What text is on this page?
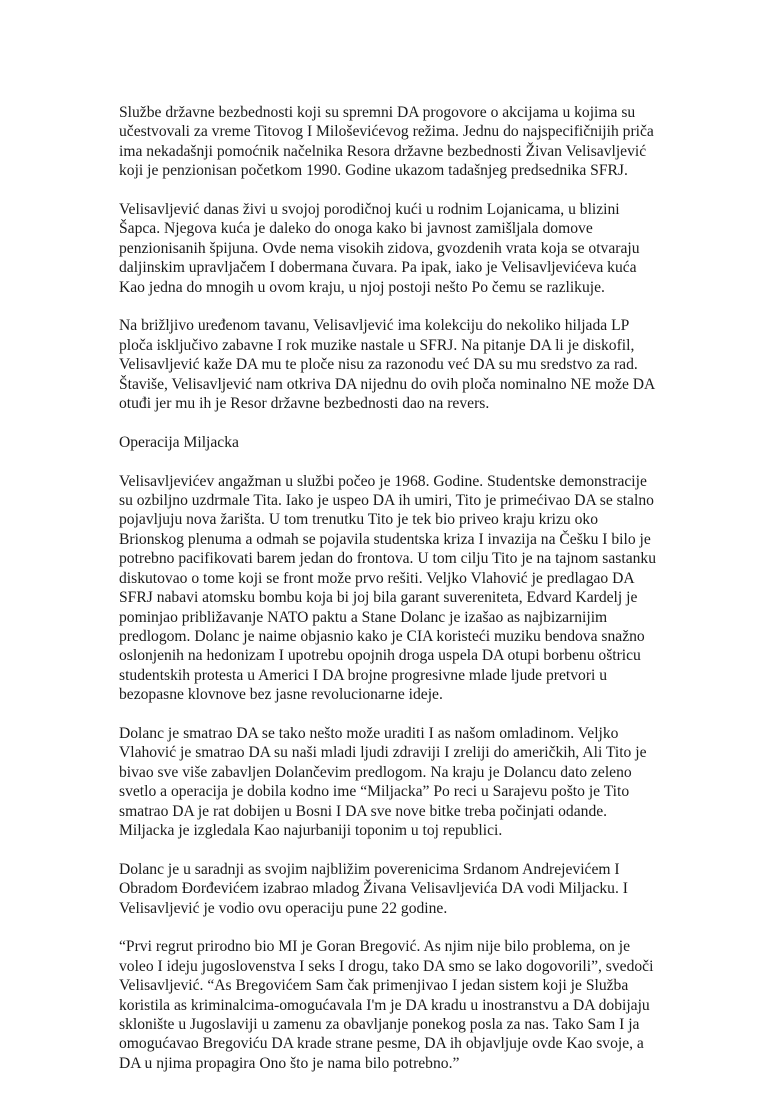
Službe državne bezbednosti koji su spremni DA progovore o akcijama u kojima su učestvovali za vreme Titovog I Miloševićevog režima. Jednu do najspecifičnijih priča ima nekadašnji pomoćnik načelnika Resora državne bezbednosti Živan Velisavljević koji je penzionisan početkom 1990. Godine ukazom tadašnjeg predsednika SFRJ.

Velisavljević danas živi u svojoj porodičnoj kući u rodnim Lojanicama, u blizini Šapca. Njegova kuća je daleko do onoga kako bi javnost zamišljala domove penzionisanih špijuna. Ovde nema visokih zidova, gvozdenih vrata koja se otvaraju daljinskim upravljačem I dobermana čuvara. Pa ipak, iako je Velisavljevićeva kuća Kao jedna do mnogih u ovom kraju, u njoj postoji nešto Po čemu se razlikuje.

Na brižljivo uređenom tavanu, Velisavljević ima kolekciju do nekoliko hiljada LP ploča isključivo zabavne I rok muzike nastale u SFRJ. Na pitanje DA li je diskofil, Velisavljević kaže DA mu te ploče nisu za razonodu već DA su mu sredstvo za rad. Štaviše, Velisavljević nam otkriva DA nijednu do ovih ploča nominalno NE može DA otuđi jer mu ih je Resor državne bezbednosti dao na revers.

Operacija Miljacka

Velisavljevićev angažman u službi počeo je 1968. Godine. Studentske demonstracije su ozbiljno uzdrmale Tita. Iako je uspeo DA ih umiri, Tito je primećivao DA se stalno pojavljuju nova žarišta. U tom trenutku Tito je tek bio priveo kraju krizu oko Brionskog plenuma a odmah se pojavila studentska kriza I invazija na Češku I bilo je potrebno pacifikovati barem jedan do frontova. U tom cilju Tito je na tajnom sastanku diskutovao o tome koji se front može prvo rešiti. Veljko Vlahović je predlagao DA SFRJ nabavi atomsku bombu koja bi joj bila garant suvereniteta, Edvard Kardelj je pominjao približavanje NATO paktu a Stane Dolanc je izašao as najbizarnijim predlogom. Dolanc je naime objasnio kako je CIA koristeći muziku bendova snažno oslonjenih na hedonizam I upotrebu opojnih droga uspela DA otupi borbenu oštricu studentskih protesta u Americi I DA brojne progresivne mlade ljude pretvori u bezopasne klovnove bez jasne revolucionarne ideje.

Dolanc je smatrao DA se tako nešto može uraditi I as našom omladinom. Veljko Vlahović je smatrao DA su naši mladi ljudi zdraviji I zreliji do američkih, Ali Tito je bivao sve više zabavljen Dolančevim predlogom. Na kraju je Dolancu dato zeleno svetlo a operacija je dobila kodno ime “Miljacka” Po reci u Sarajevu pošto je Tito smatrao DA je rat dobijen u Bosni I DA sve nove bitke treba počinjati odande. Miljacka je izgledala Kao najurbaniji toponim u toj republici.

Dolanc je u saradnji as svojim najbližim poverenicima Srdanom Andrejevićem I Obradom Đorđevićem izabrao mladog Živana Velisavljevića DA vodi Miljacku. I Velisavljević je vodio ovu operaciju pune 22 godine.

“Prvi regrut prirodno bio MI je Goran Bregović. As njim nije bilo problema, on je voleo I ideju jugoslovenstva I seks I drogu, tako DA smo se lako dogovorili”, svedoči Velisavljević. “As Bregovićem Sam čak primenjivao I jedan sistem koji je Služba koristila as kriminalcima-omogućavala I'm je DA kradu u inostranstvu a DA dobijaju sklonište u Jugoslaviji u zamenu za obavljanje ponekog posla za nas. Tako Sam I ja omogućavao Bregoviću DA krade strane pesme, DA ih objavljuje ovde Kao svoje, a DA u njima propagira Ono što je nama bilo potrebno.”
